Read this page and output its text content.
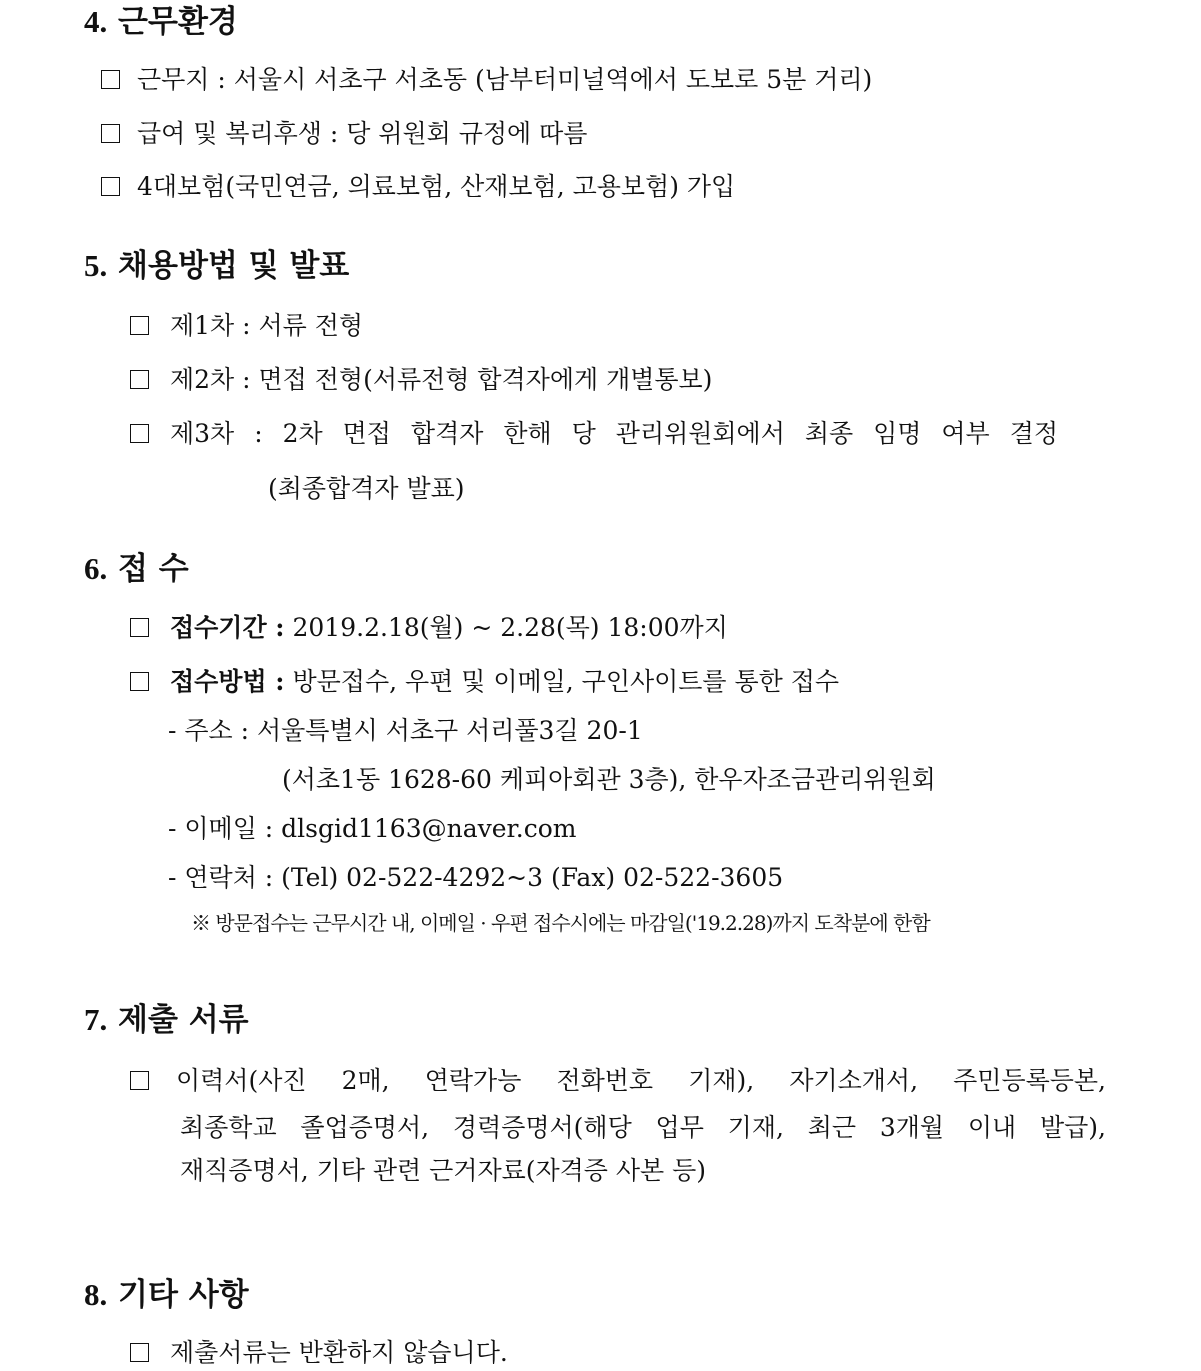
4. 근무환경
근무지 : 서울시 서초구 서초동 (남부터미널역에서 도보로 5분 거리)
급여 및 복리후생 : 당 위원회 규정에 따름
4대보험(국민연금, 의료보험, 산재보험, 고용보험) 가입
5. 채용방법 및 발표
제1차 : 서류 전형
제2차 : 면접 전형(서류전형 합격자에게 개별통보)
제3차 : 2차 면접 합격자 한해 당 관리위원회에서 최종 임명 여부 결정
(최종합격자 발표)
6. 접 수
접수기간 : 2019.2.18(월) ~ 2.28(목) 18:00까지
접수방법 : 방문접수, 우편 및 이메일, 구인사이트를 통한 접수
- 주소 : 서울특별시 서초구 서리풀3길 20-1
(서초1동 1628-60 케피아회관 3층), 한우자조금관리위원회
- 이메일 : dlsgid1163@naver.com
- 연락처 : (Tel) 02-522-4292~3 (Fax) 02-522-3605
※ 방문접수는 근무시간 내, 이메일 · 우편 접수시에는 마감일('19.2.28)까지 도착분에 한함
7. 제출 서류
이력서(사진 2매, 연락가능 전화번호 기재), 자기소개서, 주민등록등본,
최종학교 졸업증명서, 경력증명서(해당 업무 기재, 최근 3개월 이내 발급),
재직증명서, 기타 관련 근거자료(자격증 사본 등)
8. 기타 사항
제출서류는 반환하지 않습니다.
